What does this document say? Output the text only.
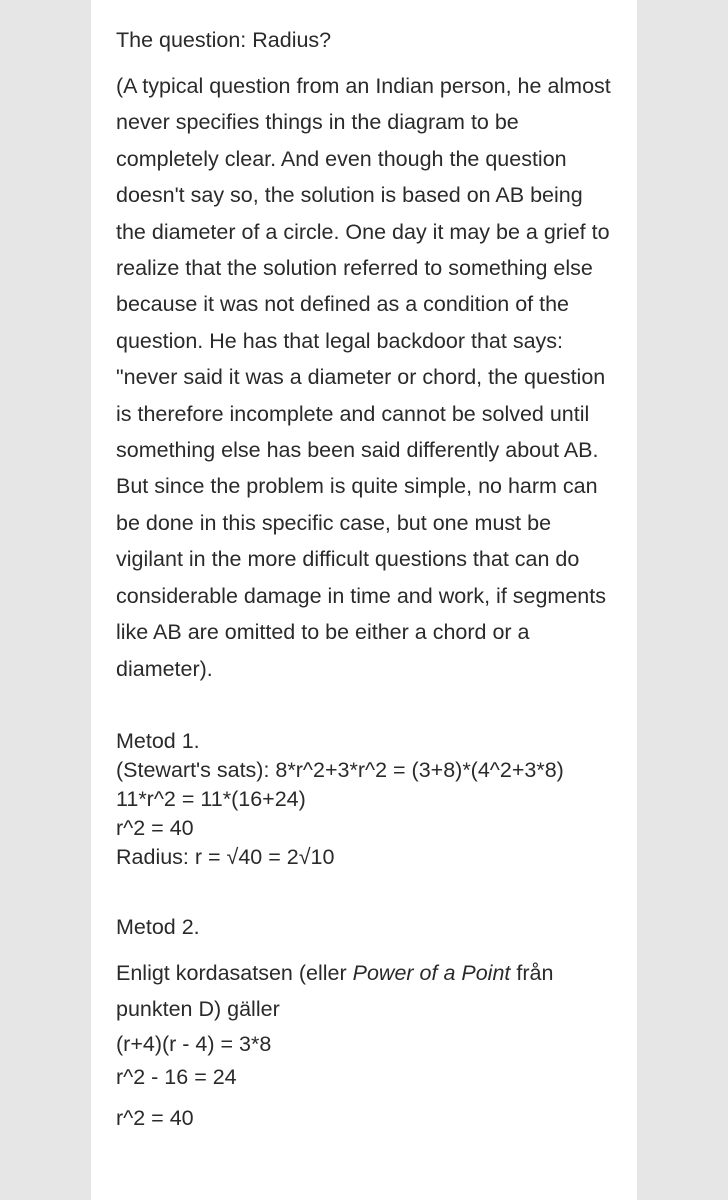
The question: Radius?

(A typical question from an Indian person, he almost never specifies things in the diagram to be completely clear. And even though the question doesn't say so, the solution is based on AB being the diameter of a circle. One day it may be a grief to realize that the solution referred to something else because it was not defined as a condition of the question. He has that legal backdoor that says: "never said it was a diameter or chord, the question is therefore incomplete and cannot be solved until something else has been said differently about AB. But since the problem is quite simple, no harm can be done in this specific case, but one must be vigilant in the more difficult questions that can do considerable damage in time and work, if segments like AB are omitted to be either a chord or a diameter).

Metod 1.

(Stewart's sats): 8*r^2+3*r^2 = (3+8)*(4^2+3*8)

11*r^2 = 11*(16+24)

r^2 = 40

Radius: r = √40 = 2√10

Metod 2.

Enligt kordasatsen (eller Power of a Point från punkten D) gäller

(r+4)(r - 4) = 3*8

r^2 - 16 = 24

r^2 = 40
